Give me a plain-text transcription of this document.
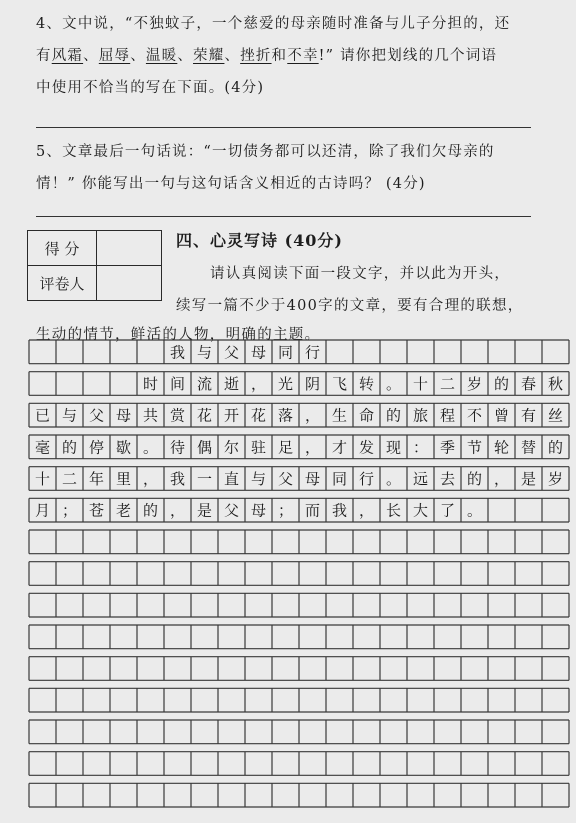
4、文中说，“不独蚊子，一个慈爱的母亲随时准备与儿子分担的，还
有风霜、屈辱、温暖、荣耀、挫折和不幸!” 请你把划线的几个词语
中使用不恰当的写在下面。(4分)
5、文章最后一句话说：“一切债务都可以还清，除了我们欠母亲的
情！” 你能写出一句与这句话含义相近的古诗吗？ (4分)
得 分	
评卷人	
四、心灵写诗 (40分)
请认真阅读下面一段文字，并以此为开头，
续写一篇不少于400字的文章，要有合理的联想，
生动的情节，鲜活的人物，明确的主题。
我 与 父 母 同 行
时 间 流 逝 ， 光 阴 飞 转 。 十 二 岁 的 春 秋
已 与 父 母 共 赏 花 开 花 落 ， 生 命 的 旅 程 不 曾 有 丝
毫 的 停 歇 。 待 偶 尔 驻 足 ， 才 发 现 ： 季 节 轮 替 的
十 二 年 里 ， 我 一 直 与 父 母 同 行 。 远 去 的 ， 是 岁
月 ； 苍 老 的 ， 是 父 母 ； 而 我 ， 长 大 了 。
